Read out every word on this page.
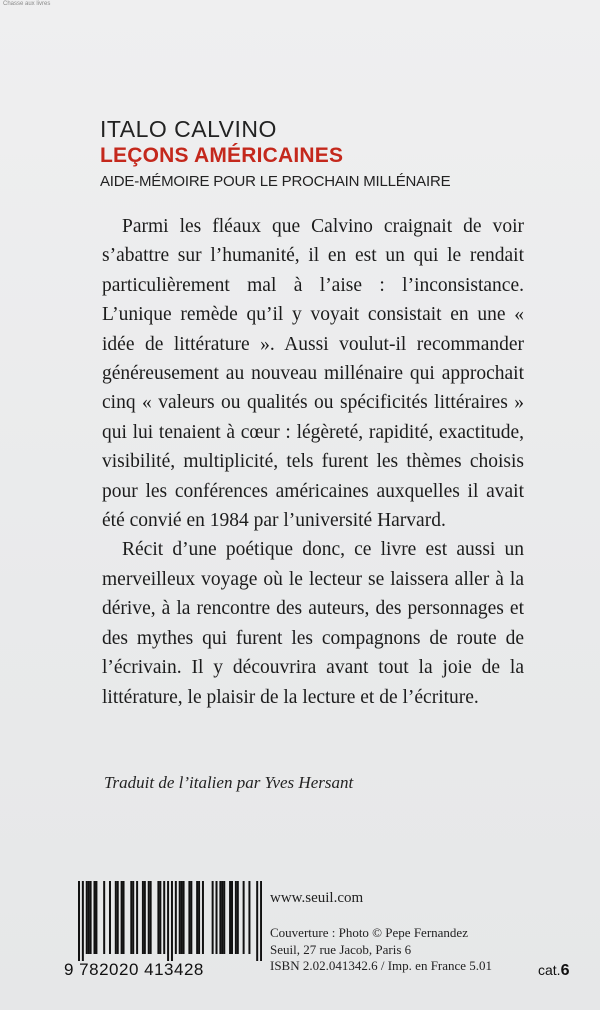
Chasse aux livres
ITALO CALVINO
LEÇONS AMÉRICAINES
AIDE-MÉMOIRE POUR LE PROCHAIN MILLÉNAIRE

Parmi les fléaux que Calvino craignait de voir s’abattre sur l’humanité, il en est un qui le rendait particulièrement mal à l’aise : l’inconsistance. L’unique remède qu’il y voyait consistait en une « idée de littérature ». Aussi voulut-il recommander généreusement au nouveau millénaire qui approchait cinq « valeurs ou qualités ou spécificités littéraires » qui lui tenaient à cœur : légèreté, rapidité, exactitude, visibilité, multiplicité, tels furent les thèmes choisis pour les conférences américaines auxquelles il avait été convié en 1984 par l’université Harvard.

Récit d’une poétique donc, ce livre est aussi un merveilleux voyage où le lecteur se laissera aller à la dérive, à la rencontre des auteurs, des personnages et des mythes qui furent les compagnons de route de l’écrivain. Il y découvrira avant tout la joie de la littérature, le plaisir de la lecture et de l’écriture.

Traduit de l’italien par Yves Hersant
9 782020 413428
www.seuil.com
Couverture : Photo © Pepe Fernandez
Seuil, 27 rue Jacob, Paris 6
ISBN 2.02.041342.6 / Imp. en France 5.01	cat.6
